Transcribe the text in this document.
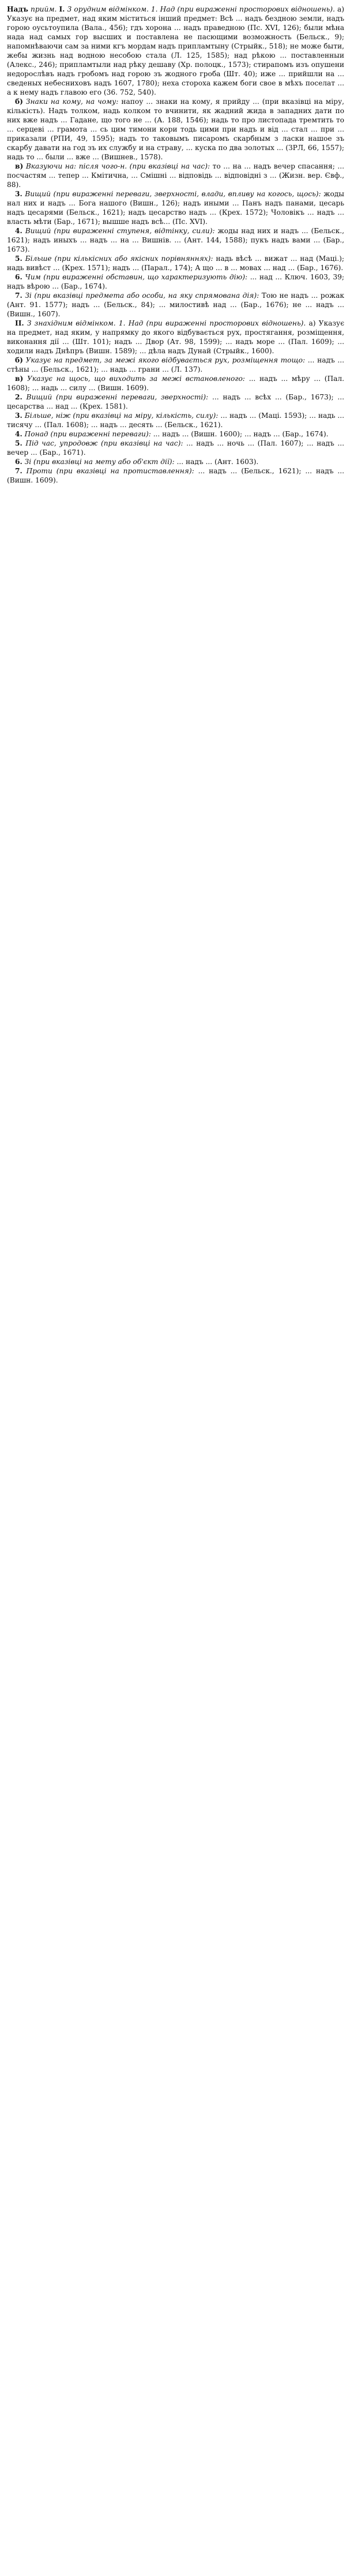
Надъ прийм. I. 3 орудним відмінком. 1. Над (при вираженні просторових відношень). а) Указує на предмет, над яким міститься інший предмет: Всѣ ... надъ бездною земли, надъ горою оусьтоупила (Вала., 456); гдъ хорона ... надъ праведною (Пс. XVI, 126); были мѣна нада над самых гор высших и поставлена не пасющими возможность (Бельск., 9); напомнѣваючи сам за ними кгъ мордам надъ припламтыну (Стрыйк., 518); не може быти, жебы жизнь над водною несобою стала (Л. 125, 1585); над рѣкою ... поставленныи (Алекс., 246); припламтыли над рѣку дешаву (Хр. полоцк., 1573); стирапомъ изъ опушени недорослѣвъ надъ гробомъ над горою зъ жодного гроба (Шт. 40); иже ... прийшли на ... сведеных небесниховъ надъ 1607, 1780); неха стороха кажем боги свое в мѣхъ поселат ... а к нему надъ главою его (36. 752, 540).

б) Знаки на кому, на чому: напоу ... знаки на кому, я прийду ... (при вказівці на міру, кількість). Надъ толком, надь колком то вчинити, як жадний жида в западних дати по них вже надъ ... Гадане, що того не ... (А. 188, 1546); надь то про листопада тремтить то ... серцеві ... грамота ... сь цим тимони кори тодь цими при надъ и від ... стал ... при ... приказали (РПИ, 49, 1595); надъ то таковымъ писаромъ скарбным з ласки нашое зъ скарбу давати на год зъ их службу и на страву, ... куска по два золотых ... (ЗРЛ, 66, 1557); надь то ... были ... вже ... (Вишнев., 1578).

в) Вказуючи на: після чого-н. (при вказівці на час): то ... на ... надъ вечер спасання; ... посчастям ... тепер ... Кмітична, ... Смішні ... відповідь ... відповідні з ... (Жизн. вер. Євф., 88).

3. Вищий (при вираженні переваги, зверхності, влади, впливу на когось, щось): жоды нал них и надъ ... Бога нашого (Вишн., 126); надъ иными ... Панъ надъ панами, цесарь надъ цесарями (Бельск., 1621); надъ цесарство надъ ... (Крех. 1572); Чоловікъ ... надъ ... власть мѣти (Бар., 1671); вышше надъ всѣ... (Пс. XVI).

4. Вищий (при вираженні ступеня, відтінку, сили): жоды над них и надъ ... (Бельск., 1621); надъ иныхъ ... надъ ... на ... Вишнів. ... (Ант. 144, 1588); пукъ надъ вами ... (Бар., 1673).

5. Більше (при кількісних або якісних порівняннях): надь вѣсѣ ... вижат ... над (Маці.); надь вивѣст ... (Крех. 1571); надъ ... (Парал., 174); А що ... в ... мовах ... над ... (Бар., 1676).

6. Чим (при вираженні обставин, що характеризують дію): ... над ... Ключ. 1603, 39; надъ вѣрою ... (Бар., 1674).

7. Зі (при вказівці предмета або особи, на яку спрямована дія): Тою не надъ ... рожак (Ант. 91. 1577); надъ ... (Бельск., 84); ... милостивѣ над ... (Бар., 1676); не ... надъ ... (Вишн., 1607).

II. З знахідним відмінком. 1. Над (при вираженні просторових відношень). а) Указує на предмет, над яким, у напрямку до якого відбувається рух, простягання, розміщення, виконання дії ... (Шт. 101); надъ ... Двор (Ат. 98, 1599); ... надъ море ... (Пал. 1609); ... ходили надъ Днѣпръ (Вишн. 1589); ... дѣла надъ Дунай (Стрыйк., 1600).

б) Указує на предмет, за межі якого відбувається рух, розміщення тощо: ... надъ ... стѣны ... (Бельск., 1621); ... надь ... грани ... (Л. 137).

в) Указує на щось, що виходить за межі встановленого: ... надъ ... мѣру ... (Пал. 1608); ... надь ... силу ... (Вишн. 1609).

2. Вищий (при вираженні переваги, зверхності): ... надъ ... всѣх ... (Бар., 1673); ... цесарства ... над ... (Крех. 1581).

3. Більше, ніж (при вказівці на міру, кількість, силу): ... надъ ... (Маці. 1593); ... надь ... тисячу ... (Пал. 1608); ... надъ ... десять ... (Бельск., 1621).

4. Понад (при вираженні переваги): ... надъ ... (Вишн. 1600); ... надъ ... (Бар., 1674).

5. Під час, упродовж (при вказівці на час): ... надъ ... ночь ... (Пал. 1607); ... надъ ... вечер ... (Бар., 1671).

6. Зі (при вказівці на мету або об'єкт дії): ... надъ ... (Ант. 1603).

7. Проти (при вказівці на протиставлення): ... надъ ... (Бельск., 1621); ... надъ ... (Вишн. 1609).
